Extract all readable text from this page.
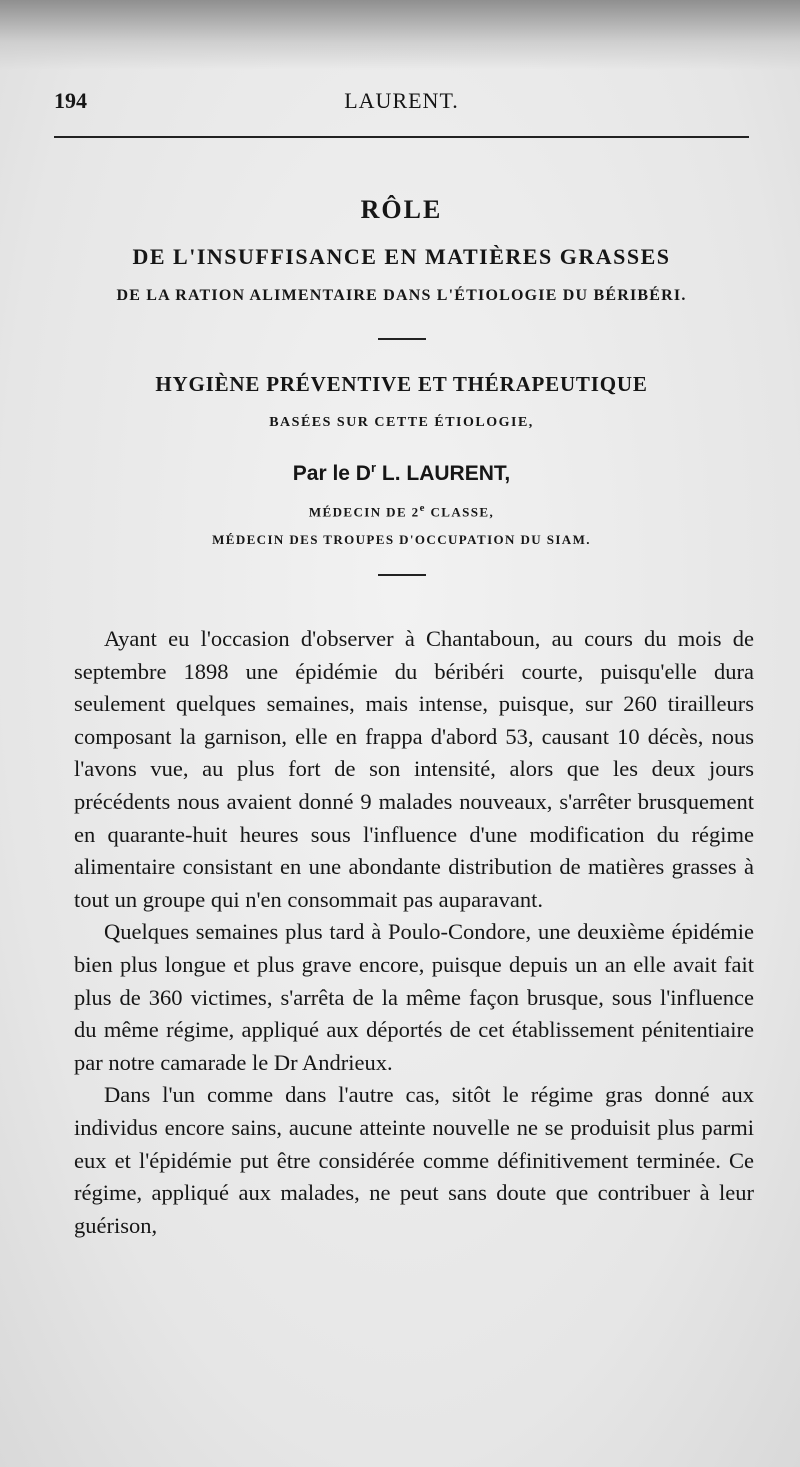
194	LAURENT.
RÔLE
DE L'INSUFFISANCE EN MATIÈRES GRASSES
DE LA RATION ALIMENTAIRE DANS L'ÉTIOLOGIE DU BÉRIBÉRI.
HYGIÈNE PRÉVENTIVE ET THÉRAPEUTIQUE
BASÉES SUR CETTE ÉTIOLOGIE,
Par le $D^r$ L. LAURENT,
MÉDECIN DE 2e CLASSE,
MÉDECIN DES TROUPES D'OCCUPATION DU SIAM.

Ayant eu l'occasion d'observer à Chantaboun, au cours du mois de septembre 1898 une épidémie du béribéri courte, puisqu'elle dura seulement quelques semaines, mais intense, puisque, sur 260 tirailleurs composant la garnison, elle en frappa d'abord 53, causant 10 décès, nous l'avons vue, au plus fort de son intensité, alors que les deux jours précédents nous avaient donné 9 malades nouveaux, s'arrêter brusquement en quarante-huit heures sous l'influence d'une modification du régime alimentaire consistant en une abondante distribution de matières grasses à tout un groupe qui n'en consommait pas auparavant.

Quelques semaines plus tard à Poulo-Condore, une deuxième épidémie bien plus longue et plus grave encore, puisque depuis un an elle avait fait plus de 360 victimes, s'arrêta de la même façon brusque, sous l'influence du même régime, appliqué aux déportés de cet établissement pénitentiaire par notre camarade le Dr Andrieux.

Dans l'un comme dans l'autre cas, sitôt le régime gras donné aux individus encore sains, aucune atteinte nouvelle ne se produisit plus parmi eux et l'épidémie put être considérée comme définitivement terminée. Ce régime, appliqué aux malades, ne peut sans doute que contribuer à leur guérison,
